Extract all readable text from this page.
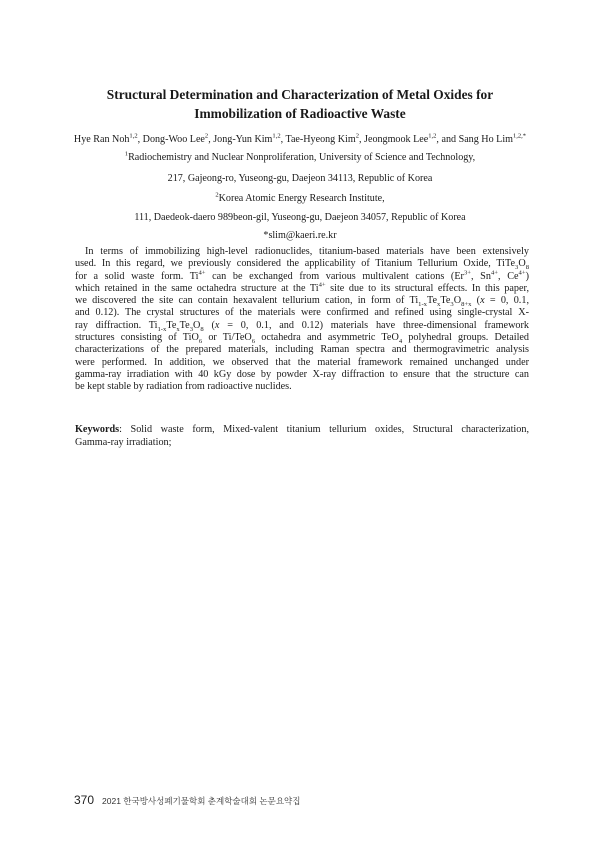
Structural Determination and Characterization of Metal Oxides for
Immobilization of Radioactive Waste
Hye Ran Noh$^{1,2}$, Dong-Woo Lee$^2$, Jong-Yun Kim$^{1,2}$, Tae-Hyeong Kim$^2$, Jeongmook Lee$^{1,2}$, and Sang Ho Lim$^{1,2,*}$
$^1$Radiochemistry and Nuclear Nonproliferation, University of Science and Technology,
217, Gajeong-ro, Yuseong-gu, Daejeon 34113, Republic of Korea
$^2$Korea Atomic Energy Research Institute,
111, Daedeok-daero 989beon-gil, Yuseong-gu, Daejeon 34057, Republic of Korea
*slim@kaeri.re.kr
In terms of immobilizing high-level radionuclides, titanium-based materials have been extensively
used. In this regard, we previously considered the applicability of Titanium Tellurium Oxide, $TiTe_3O_8$
for a solid waste form. $Ti^{4+}$ can be exchanged from various multivalent cations ($Er^{3+}$, $Sn^{4+}$, $Ce^{4+}$)
which retained in the same octahedra structure at the $Ti^{4+}$ site due to its structural effects. In this paper,
we discovered the site can contain hexavalent tellurium cation, in form of $Ti_{1-x}Te_xTe_3O_{8+x}$ (x = 0, 0.1,
and 0.12). The crystal structures of the materials were confirmed and refined using single-crystal X-
ray diffraction. $Ti_{1-x}Te_xTe_3O_8$ (x = 0, 0.1, and 0.12) materials have three-dimensional framework
structures consisting of TiO$_6$ or Ti/TeO$_6$ octahedra and asymmetric TeO$_4$ polyhedral groups. Detailed
characterizations of the prepared materials, including Raman spectra and thermogravimetric analysis
were performed. In addition, we observed that the material framework remained unchanged under
gamma-ray irradiation with 40 kGy dose by powder X-ray diffraction to ensure that the structure can
be kept stable by radiation from radioactive nuclides.
Keywords: Solid waste form, Mixed-valent titanium tellurium oxides, Structural characterization,
Gamma-ray irradiation;
370 2021 한국방사성폐기물학회 춘계학술대회 논문요약집
